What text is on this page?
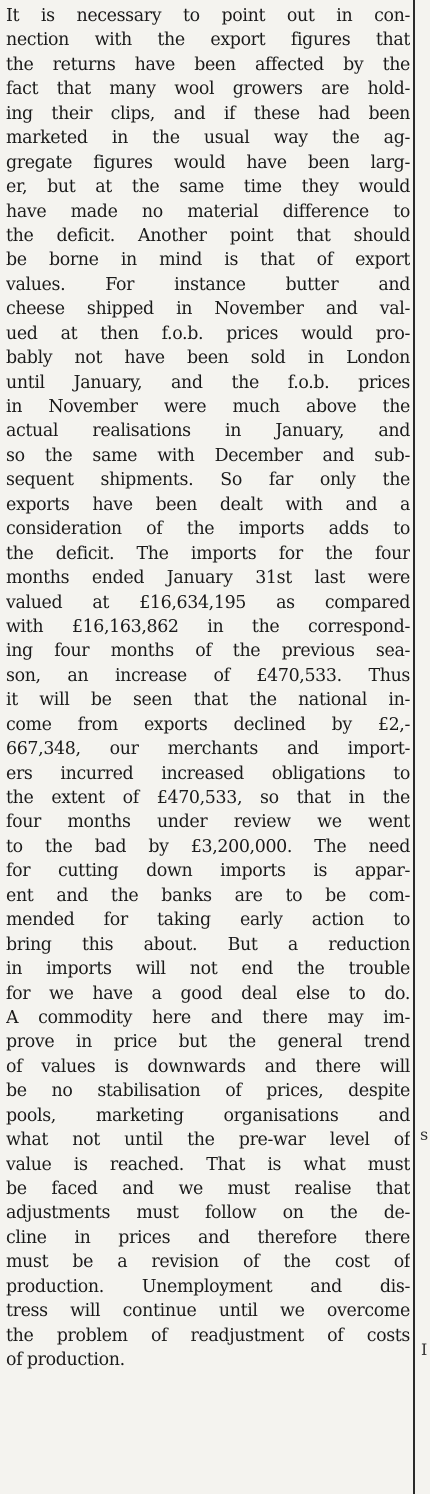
It is necessary to point out in con-
nection with the export figures that
the returns have been affected by the
fact that many wool growers are hold-
ing their clips, and if these had been
marketed in the usual way the ag-
gregate figures would have been larg-
er, but at the same time they would
have made no material difference to
the deficit. Another point that should
be borne in mind is that of export
values. For instance butter and
cheese shipped in November and val-
ued at then f.o.b. prices would pro-
bably not have been sold in London
until January, and the f.o.b. prices
in November were much above the
actual realisations in January, and
so the same with December and sub-
sequent shipments. So far only the
exports have been dealt with and a
consideration of the imports adds to
the deficit. The imports for the four
months ended January 31st last were
valued at £16,634,195 as compared
with £16,163,862 in the correspond-
ing four months of the previous sea-
son, an increase of £470,533. Thus
it will be seen that the national in-
come from exports declined by £2,-
667,348, our merchants and import-
ers incurred increased obligations to
the extent of £470,533, so that in the
four months under review we went
to the bad by £3,200,000. The need
for cutting down imports is appar-
ent and the banks are to be com-
mended for taking early action to
bring this about. But a reduction
in imports will not end the trouble
for we have a good deal else to do.
A commodity here and there may im-
prove in price but the general trend
of values is downwards and there will
be no stabilisation of prices, despite
pools, marketing organisations and
what not until the pre-war level of
value is reached. That is what must
be faced and we must realise that
adjustments must follow on the de-
cline in prices and therefore there
must be a revision of the cost of
production. Unemployment and dis-
tress will continue until we overcome
the problem of readjustment of costs
of production.
s
I
